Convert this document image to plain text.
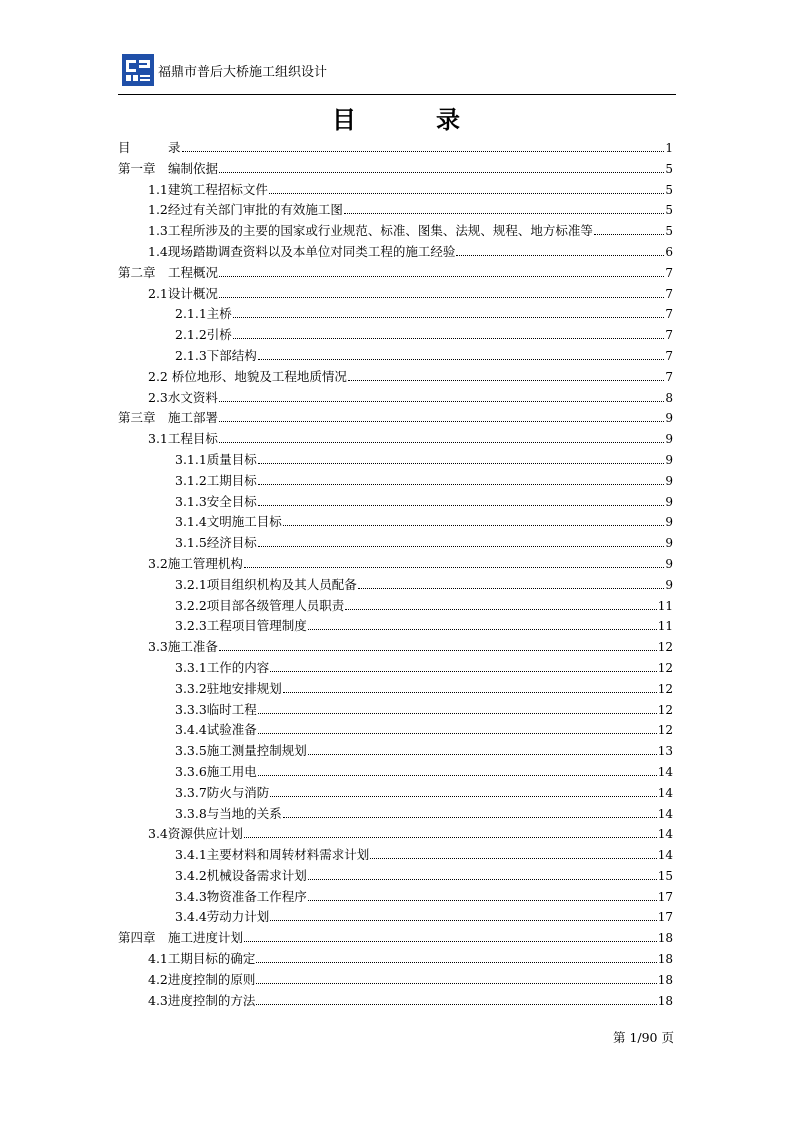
福鼎市普后大桥施工组织设计
目	录
目　　　录	1
第一章　编制依据	5
1.1建筑工程招标文件	5
1.2经过有关部门审批的有效施工图	5
1.3工程所涉及的主要的国家或行业规范、标准、图集、法规、规程、地方标准等	5
1.4现场踏勘调查资料以及本单位对同类工程的施工经验	6
第二章　工程概况	7
2.1设计概况	7
2.1.1主桥	7
2.1.2引桥	7
2.1.3下部结构	7
2.2 桥位地形、地貌及工程地质情况	7
2.3水文资料	8
第三章　施工部署	9
3.1工程目标	9
3.1.1质量目标	9
3.1.2工期目标	9
3.1.3安全目标	9
3.1.4文明施工目标	9
3.1.5经济目标	9
3.2施工管理机构	9
3.2.1项目组织机构及其人员配备	9
3.2.2项目部各级管理人员职责	11
3.2.3工程项目管理制度	11
3.3施工准备	12
3.3.1工作的内容	12
3.3.2驻地安排规划	12
3.3.3临时工程	12
3.4.4试验准备	12
3.3.5施工测量控制规划	13
3.3.6施工用电	14
3.3.7防火与消防	14
3.3.8与当地的关系	14
3.4资源供应计划	14
3.4.1主要材料和周转材料需求计划	14
3.4.2机械设备需求计划	15
3.4.3物资准备工作程序	17
3.4.4劳动力计划	17
第四章　施工进度计划	18
4.1工期目标的确定	18
4.2进度控制的原则	18
4.3进度控制的方法	18
第 1/90 页
